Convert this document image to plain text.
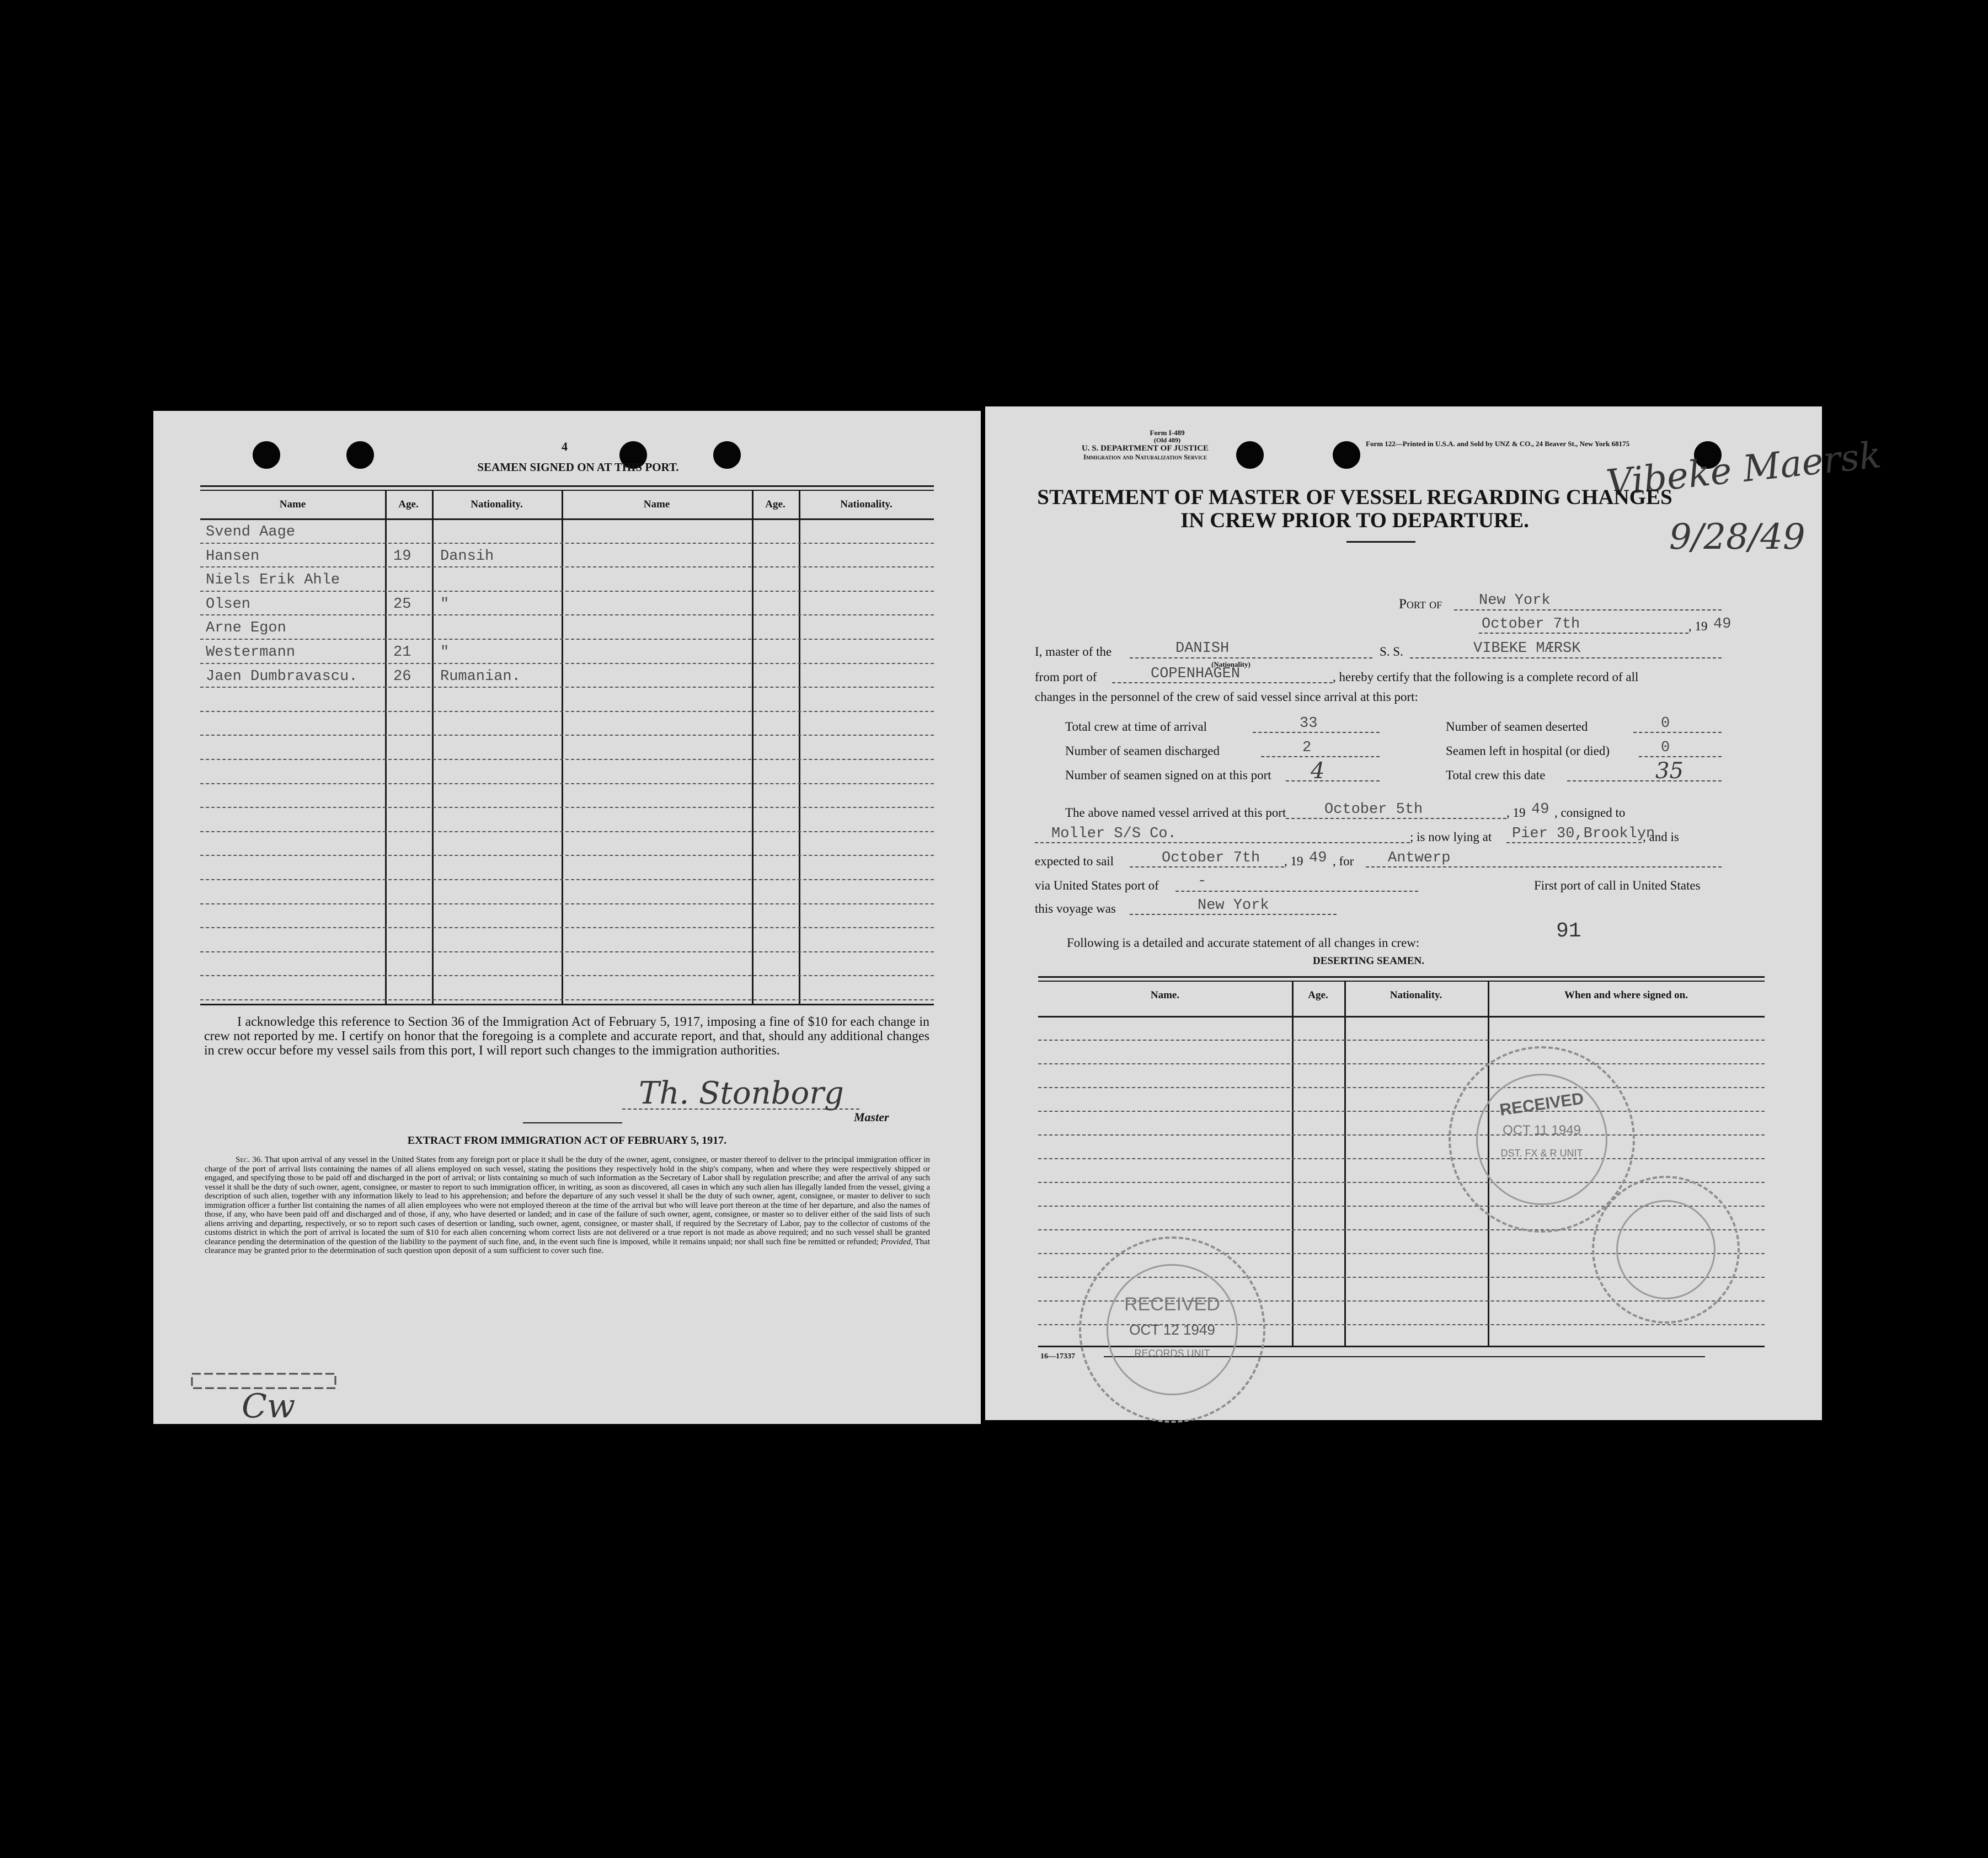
4
SEAMEN SIGNED ON AT THIS PORT.
Name	Age.	Nationality.	Name	Age.	Nationality.
Svend Aage
Hansen	19 Dansih
Niels Erik Ahle
Olsen	25 "
Arne Egon
Westermann	21 "
Jaen Dumbravascu. 26 Rumanian.
I acknowledge this reference to Section 36 of the Immigration Act of February 5, 1917, imposing a fine of $10 for each change in crew not reported by me. I certify on honor that the foregoing is a complete and accurate report, and that, should any additional changes in crew occur before my vessel sails from this port, I will report such changes to the immigration authorities.
Th. Stonborg
Master
EXTRACT FROM IMMIGRATION ACT OF FEBRUARY 5, 1917.

Sec. 36. That upon arrival of any vessel in the United States from any foreign port or place it shall be the duty of the owner, agent, consignee, or master thereof to deliver to the principal immigration officer in charge of the port of arrival lists containing the names of all aliens employed on such vessel, stating the positions they respectively hold in the ship's company, when and where they were respectively shipped or engaged, and specifying those to be paid off and discharged in the port of arrival; or lists containing so much of such information as the Secretary of Labor shall by regulation prescribe; and after the arrival of any such vessel it shall be the duty of such owner, agent, consignee, or master to report to such immigration officer, in writing, as soon as discovered, all cases in which any such alien has illegally landed from the vessel, giving a description of such alien, together with any information likely to lead to his apprehension; and before the departure of any such vessel it shall be the duty of such owner, agent, consignee, or master to deliver to such immigration officer a further list containing the names of all alien employees who were not employed thereon at the time of the arrival but who will leave port thereon at the time of her departure, and also the names of those, if any, who have been paid off and discharged and of those, if any, who have deserted or landed; and in case of the failure of such owner, agent, consignee, or master so to deliver either of the said lists of such aliens arriving and departing, respectively, or so to report such cases of desertion or landing, such owner, agent, consignee, or master shall, if required by the Secretary of Labor, pay to the collector of customs of the customs district in which the port of arrival is located the sum of $10 for each alien concerning whom correct lists are not delivered or a true report is not made as above required; and no such vessel shall be granted clearance pending the determination of the question of the liability to the payment of such fine, and, in the event such fine is imposed, while it remains unpaid; nor shall such fine be remitted or refunded; Provided, That clearance may be granted prior to the determination of such question upon deposit of a sum sufficient to cover such fine.

Cw
Form I-489
(Old 489)
U. S. DEPARTMENT OF JUSTICE
Immigration and Naturalization Service
Form 122—Printed in U.S.A. and Sold by UNZ & CO., 24 Beaver St., New York 68175
Vibeke Maersk
9/28/49
STATEMENT OF MASTER OF VESSEL REGARDING CHANGES
IN CREW PRIOR TO DEPARTURE.
Port of New York
October 7th	, 19 49
I, master of the	DANISH
(Nationality)
S. S.	VIBEKE MÆRSK
from port of	COPENHAGEN	, hereby certify that the following is a complete record of all
changes in the personnel of the crew of said vessel since arrival at this port:
Total crew at time of arrival	33	Number of seamen deserted	0
Number of seamen discharged	2	Seamen left in hospital (or died)	0
Number of seamen signed on at this port 4	Total crew this date	35
The above named vessel arrived at this port	October 5th	, 19 49 , consigned to
Moller S/S Co.	; is now lying at Pier 30,Brooklyn
, and is
expected to sail	October 7th , 19 49 , for Antwerp
via United States port of	-	First port of call in United States
this voyage was	New York
Following is a detailed and accurate statement of all changes in crew:	91
DESERTING SEAMEN.
Name.	Age.	Nationality.	When and where signed on.
16—17337
RECEIVED
OCT 11 1949
DST. FX & R UNIT
RECEIVED
OCT 12 1949
RECORDS UNIT
